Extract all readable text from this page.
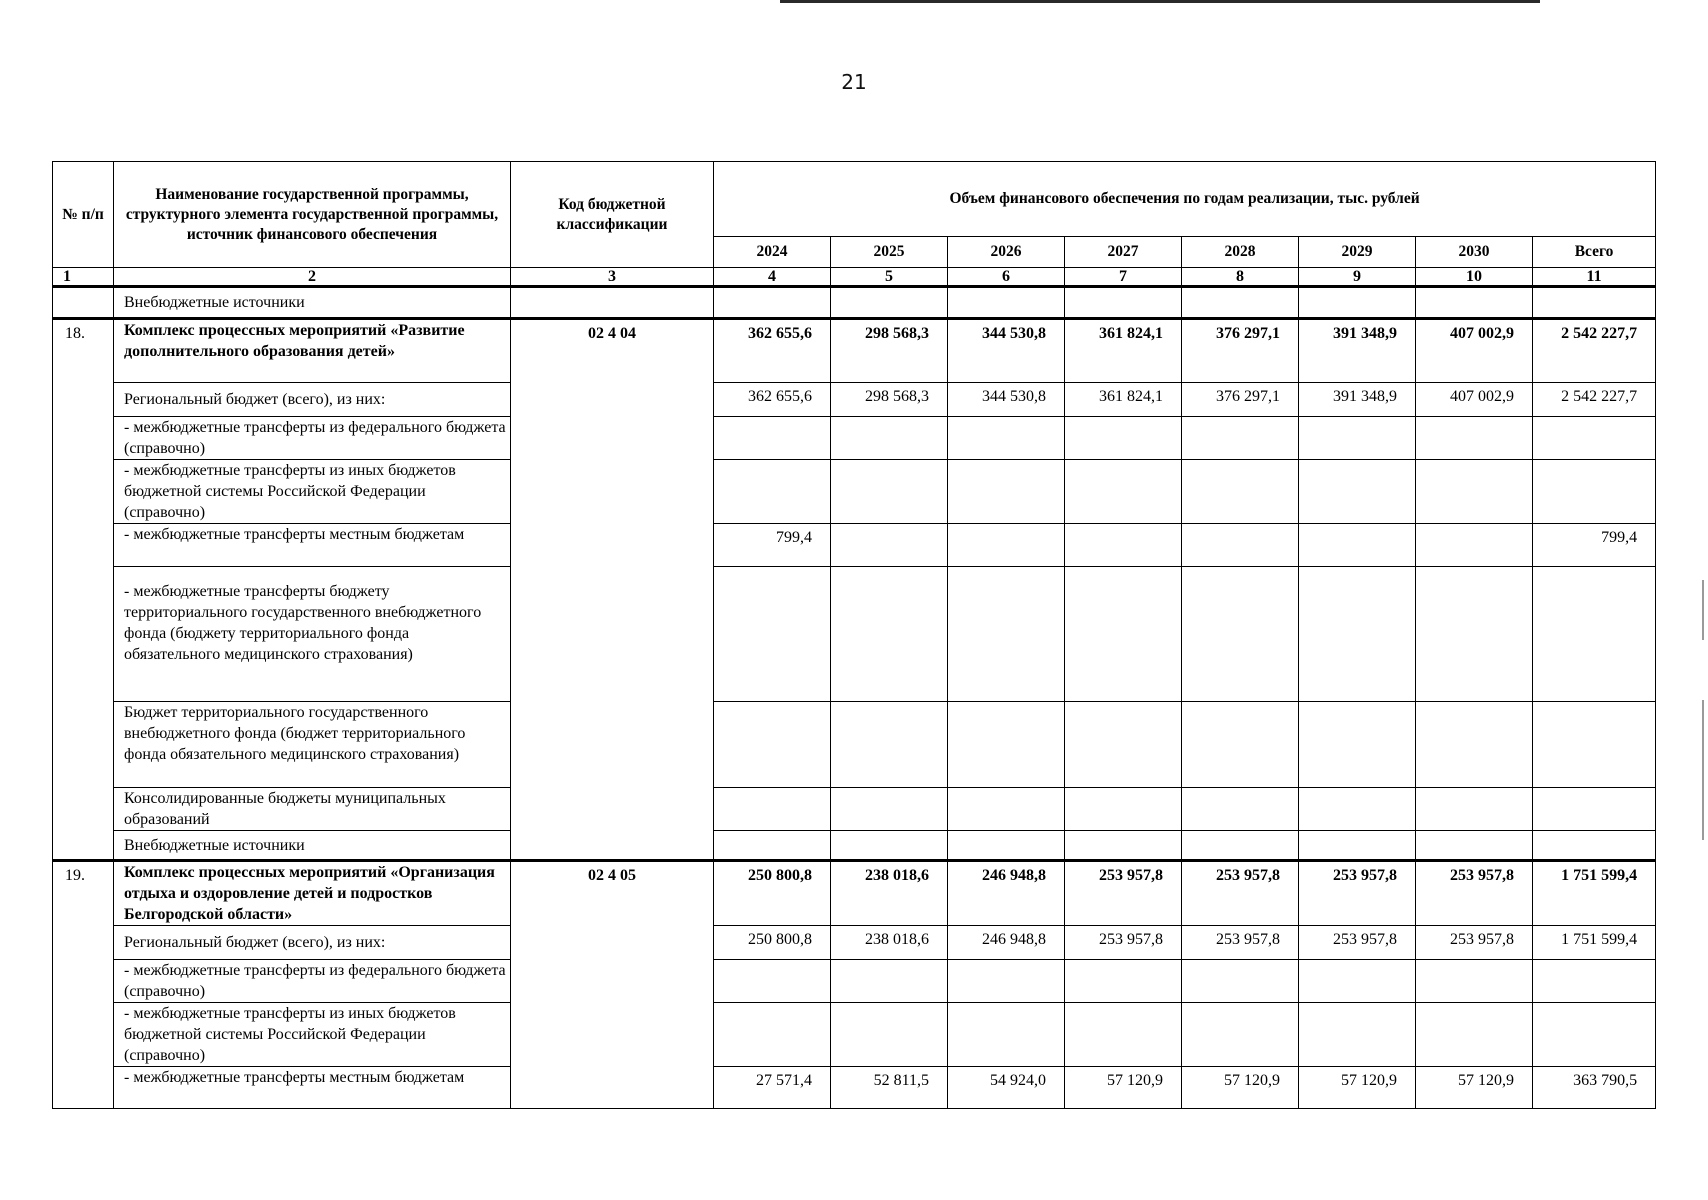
21
№ п/п	Наименование государственной программы, структурного элемента государственной программы, источник финансового обеспечения	Код бюджетной классификации	Объем финансового обеспечения по годам реализации, тыс. рублей							
			2024	2025	2026	2027	2028	2029	2030	Всего
1	2	3	4	5	6	7	8	9	10	11
	Внебюджетные источники									
18.	Комплекс процессных мероприятий «Развитие дополнительного образования детей»	02 4 04	362 655,6	298 568,3	344 530,8	361 824,1	376 297,1	391 348,9	407 002,9	2 542 227,7
	Региональный бюджет (всего), из них:		362 655,6	298 568,3	344 530,8	361 824,1	376 297,1	391 348,9	407 002,9	2 542 227,7
	- межбюджетные трансферты из федерального бюджета (справочно)									
	- межбюджетные трансферты из иных бюджетов бюджетной системы Российской Федерации (справочно)									
	- межбюджетные трансферты местным бюджетам		799,4							799,4
	- межбюджетные трансферты бюджету территориального государственного внебюджетного фонда (бюджету территориального фонда обязательного медицинского страхования)									
	Бюджет территориального государственного внебюджетного фонда (бюджет территориального фонда обязательного медицинского страхования)									
	Консолидированные бюджеты муниципальных образований									
	Внебюджетные источники									
19.	Комплекс процессных мероприятий «Организация отдыха и оздоровление детей и подростков Белгородской области»	02 4 05	250 800,8	238 018,6	246 948,8	253 957,8	253 957,8	253 957,8	253 957,8	1 751 599,4
	Региональный бюджет (всего), из них:		250 800,8	238 018,6	246 948,8	253 957,8	253 957,8	253 957,8	253 957,8	1 751 599,4
	- межбюджетные трансферты из федерального бюджета (справочно)									
	- межбюджетные трансферты из иных бюджетов бюджетной системы Российской Федерации (справочно)									
	- межбюджетные трансферты местным бюджетам		27 571,4	52 811,5	54 924,0	57 120,9	57 120,9	57 120,9	57 120,9	363 790,5
